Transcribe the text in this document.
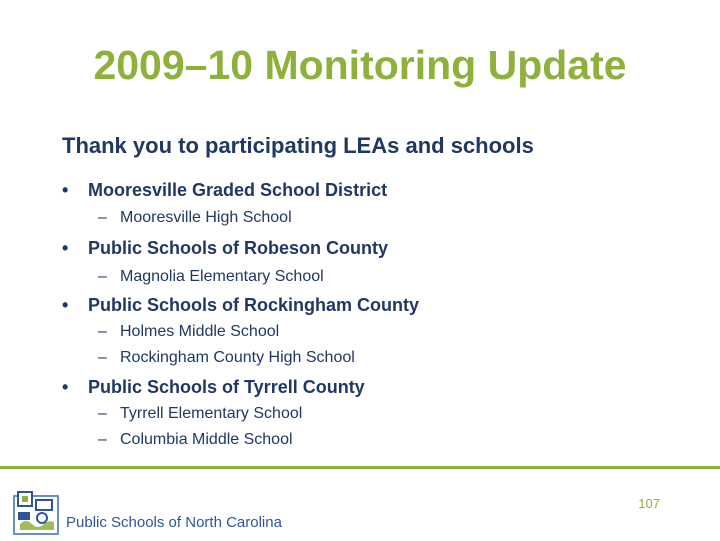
2009–10 Monitoring Update
Thank you to participating LEAs and schools
•	Mooresville Graded School District
– Mooresville High School
•	Public Schools of Robeson County
– Magnolia Elementary School
•	Public Schools of Rockingham County
– Holmes Middle School
– Rockingham County High School
•	Public Schools of Tyrrell County
– Tyrrell Elementary School
– Columbia Middle School
107
Public Schools of North Carolina
